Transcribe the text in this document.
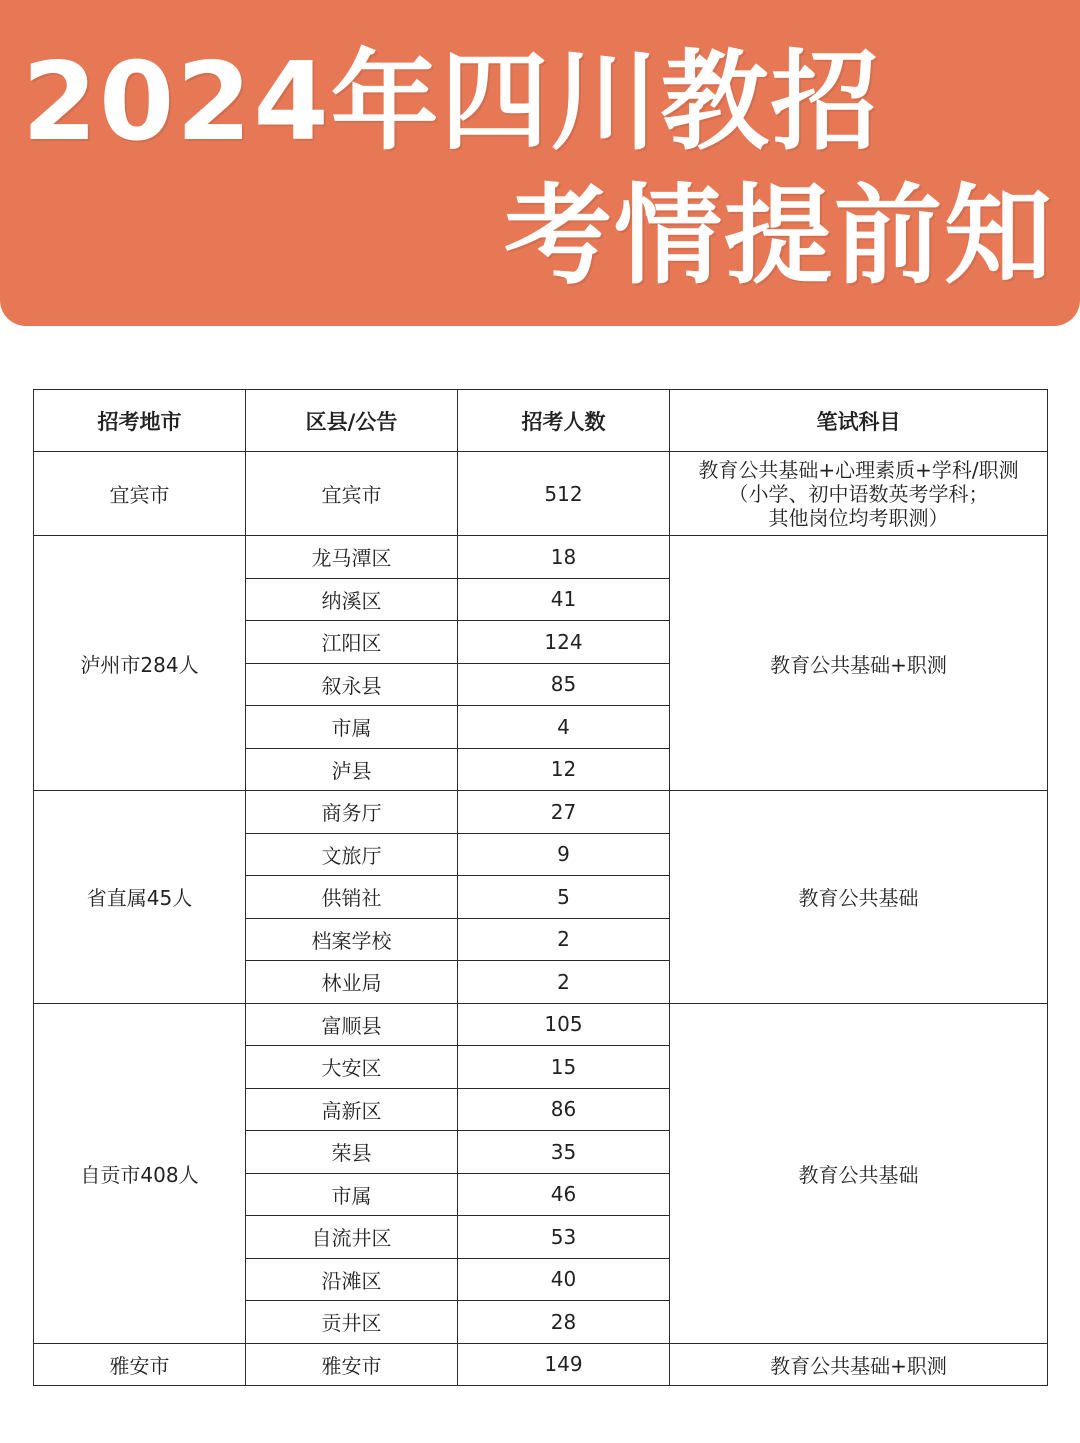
2024年四川教招
考情提前知
招考地市	区县/公告	招考人数	笔试科目
宜宾市	宜宾市	512	教育公共基础+心理素质+学科/职测
（小学、初中语数英考学科；
其他岗位均考职测）

泸州市284人	龙马潭区	18	教育公共基础+职测
	纳溪区	41	
	江阳区	124	
	叙永县	85	
	市属	4	
	泸县	12	
省直属45人	商务厅	27	教育公共基础
	文旅厅	9	
	供销社	5	
	档案学校	2	
	林业局	2	
自贡市408人	富顺县	105	教育公共基础
	大安区	15	
	高新区	86	
	荣县	35	
	市属	46	
	自流井区	53	
	沿滩区	40	
	贡井区	28	
雅安市	雅安市	149	教育公共基础+职测
